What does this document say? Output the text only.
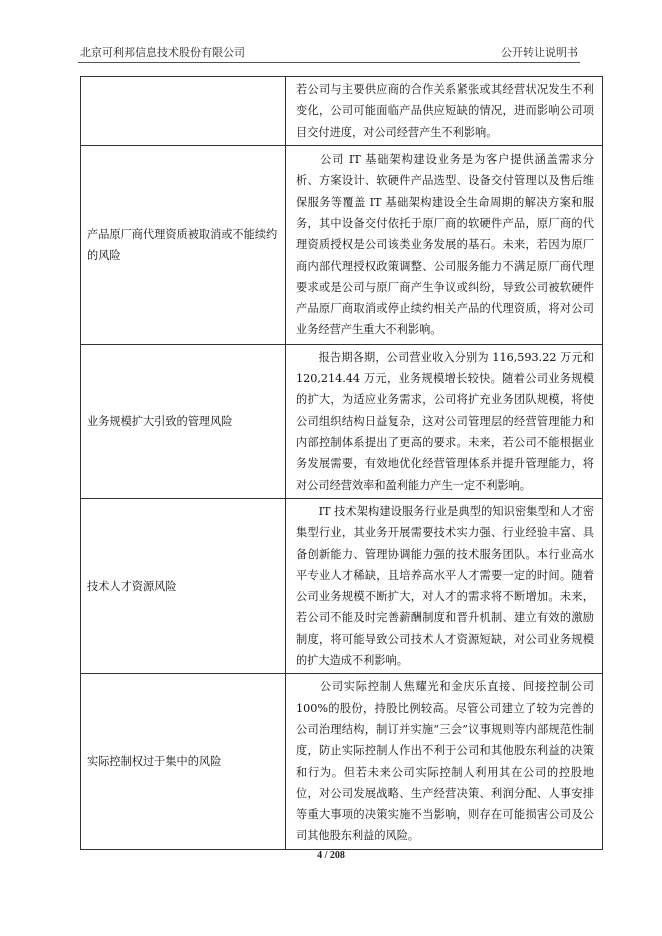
北京可利邦信息技术股份有限公司	公开转让说明书
	若公司与主要供应商的合作关系紧张或其经营状况发生不利变化，公司可能面临产品供应短缺的情况，进而影响公司项目交付进度，对公司经营产生不利影响。
产品原厂商代理资质被取消或不能续约的风险	　　公司 IT 基础架构建设业务是为客户提供涵盖需求分析、方案设计、软硬件产品选型、设备交付管理以及售后维保服务等覆盖 IT 基础架构建设全生命周期的解决方案和服务，其中设备交付依托于原厂商的软硬件产品，原厂商的代理资质授权是公司该类业务发展的基石。未来，若因为原厂商内部代理授权政策调整、公司服务能力不满足原厂商代理要求或是公司与原厂商产生争议或纠纷，导致公司被软硬件产品原厂商取消或停止续约相关产品的代理资质，将对公司业务经营产生重大不利影响。
业务规模扩大引致的管理风险	　　报告期各期，公司营业收入分别为 116,593.22 万元和 120,214.44 万元，业务规模增长较快。随着公司业务规模的扩大，为适应业务需求，公司将扩充业务团队规模，将使公司组织结构日益复杂，这对公司管理层的经营管理能力和内部控制体系提出了更高的要求。未来，若公司不能根据业务发展需要，有效地优化经营管理体系并提升管理能力，将对公司经营效率和盈利能力产生一定不利影响。
技术人才资源风险	　　IT 技术架构建设服务行业是典型的知识密集型和人才密集型行业，其业务开展需要技术实力强、行业经验丰富、具备创新能力、管理协调能力强的技术服务团队。本行业高水平专业人才稀缺，且培养高水平人才需要一定的时间。随着公司业务规模不断扩大，对人才的需求将不断增加。未来，若公司不能及时完善薪酬制度和晋升机制、建立有效的激励制度，将可能导致公司技术人才资源短缺，对公司业务规模的扩大造成不利影响。
实际控制权过于集中的风险	　　公司实际控制人焦耀光和金庆乐直接、间接控制公司100%的股份，持股比例较高。尽管公司建立了较为完善的公司治理结构，制订并实施“三会”议事规则等内部规范性制度，防止实际控制人作出不利于公司和其他股东利益的决策和行为。但若未来公司实际控制人利用其在公司的控股地位，对公司发展战略、生产经营决策、利润分配、人事安排等重大事项的决策实施不当影响，则存在可能损害公司及公司其他股东利益的风险。
4 / 208
